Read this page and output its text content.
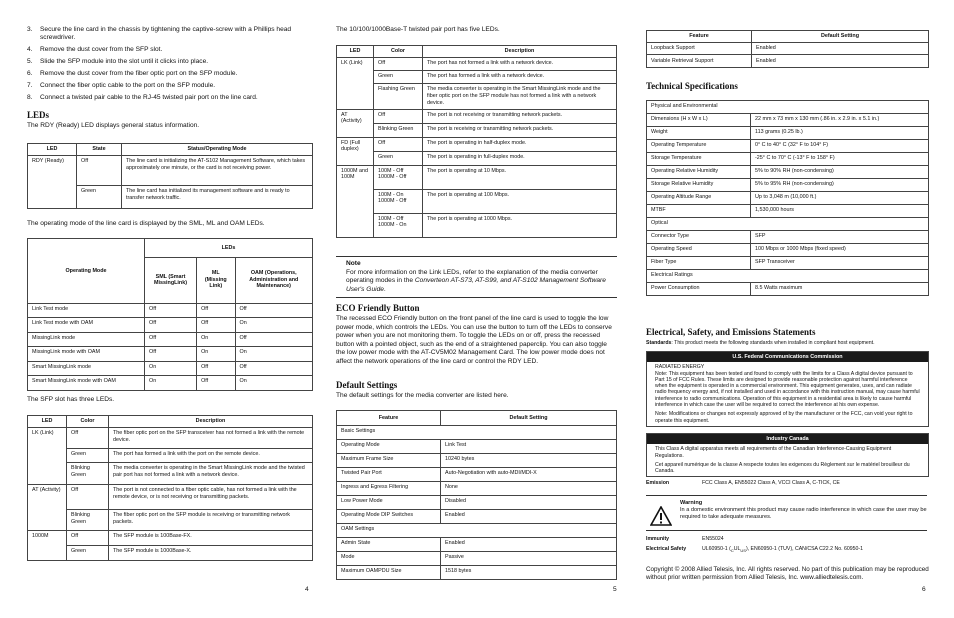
3. Secure the line card in the chassis by tightening the captive-screw with a Phillips head screwdriver.
4. Remove the dust cover from the SFP slot.
5. Slide the SFP module into the slot until it clicks into place.
6. Remove the dust cover from the fiber optic port on the SFP module.
7. Connect the fiber optic cable to the port on the SFP module.
8. Connect a twisted pair cable to the RJ-45 twisted pair port on the line card.
LEDs

The RDY (Ready) LED displays general status information.

LED	State	Status/Operating Mode
RDY (Ready)	Off	The line card is initializing the AT-S102 Management Software, which takes approximately one minute, or the card is not receiving power.
	Green	The line card has initialized its management software and is ready to transfer network traffic.

The operating mode of the line card is displayed by the SML, ML and OAM LEDs.

Operating Mode	LEDs		
	SML (Smart MissingLink)	ML (Missing Link)	OAM (Operations, Administration and Maintenance)
Link Test mode	Off	Off	Off
Link Test mode with OAM	Off	Off	On
MissingLink mode	Off	On	Off
MissingLink mode with OAM	Off	On	On
Smart MissingLink mode	On	Off	Off
Smart MissingLink mode with OAM	On	Off	On

The SFP slot has three LEDs.

LED	Color	Description
LK (Link)	Off	The fiber optic port on the SFP transceiver has not formed a link with the remote device.
	Green	The port has formed a link with the port on the remote device.
	Blinking Green	The media converter is operating in the Smart MissingLink mode and the twisted pair port has not formed a link with a network device.
AT (Activity)	Off	The port is not connected to a fiber optic cable, has not formed a link with the remote device, or is not receiving or transmitting packets.
	Blinking Green	The fiber optic port on the SFP module is receiving or transmitting network packets.
1000M	Off	The SFP module is 100Base-FX.
	Green	The SFP module is 1000Base-X.
4

The 10/100/1000Base-T twisted pair port has five LEDs.

LED	Color	Description
LK (Link)	Off	The port has not formed a link with a network device.
	Green	The port has formed a link with a network device.
	Flashing Green	The media converter is operating in the Smart MissingLink mode and the fiber optic port on the SFP module has not formed a link with a network device.
AT (Activity)	Off	The port is not receiving or transmitting network packets.
	Blinking Green	The port is receiving or transmitting network packets.
FD (Full duplex)	Off	The port is operating in half-duplex mode.
	Green	The port is operating in full-duplex mode.
1000M and 100M	100M - Off 1000M - Off	The port is operating at 10 Mbps.
	100M - On 1000M - Off	The port is operating at 100 Mbps.
	100M - Off 1000M - On	The port is operating at 1000 Mbps.
Note
For more information on the Link LEDs, refer to the explanation of the media converter operating modes in the Converteon AT-S73, AT-S99, and AT-S102 Management Software User's Guide.
ECO Friendly Button

The recessed ECO Friendly button on the front panel of the line card is used to toggle the low power mode, which controls the LEDs. You can use the button to turn off the LEDs to conserve power when you are not monitoring them. To toggle the LEDs on or off, press the recessed button with a pointed object, such as the end of a straightened paperclip. You can also toggle the low power mode with the AT-CV5M02 Management Card. The low power mode does not affect the network operations of the line card or control the RDY LED.

Default Settings

The default settings for the media converter are listed here.

Feature	Default Setting
Basic Settings	
Operating Mode	Link Test
Maximum Frame Size	10240 bytes
Twisted Pair Port	Auto-Negotiation with auto-MDI/MDI-X
Ingress and Egress Filtering	None
Low Power Mode	Disabled
Operating Mode DIP Switches	Enabled
OAM Settings	
Admin State	Enabled
Mode	Passive
Maximum OAMPDU Size	1518 bytes
5
Feature	Default Setting
Loopback Support	Enabled
Variable Retrieval Support	Enabled
Technical Specifications
Physical and Environmental	
Dimensions (H x W x L)	22 mm x 73 mm x 130 mm (.86 in. x 2.9 in. x 5.1 in.)
Weight	113 grams (0.25 lb.)
Operating Temperature	0° C to 40° C (32° F to 104° F)
Storage Temperature	-25° C to 70° C (-13° F to 158° F)
Operating Relative Humidity	5% to 90% RH (non-condensing)
Storage Relative Humidity	5% to 95% RH (non-condensing)
Operating Altitude Range	Up to 3,048 m (10,000 ft.)
MTBF	1,530,000 hours
Optical	
Connector Type	SFP
Operating Speed	100 Mbps or 1000 Mbps (fixed speed)
Fiber Type	SFP Transceiver
Electrical Ratings	
Power Consumption	8.5 Watts maximum
Electrical, Safety, and Emissions Statements
Standards: This product meets the following standards when installed in compliant host equipment.
U.S. Federal Communications Commission
RADIATED ENERGY
Note: This equipment has been tested and found to comply with the limits for a Class A digital device pursuant to Part 15 of FCC Rules. These limits are designed to provide reasonable protection against harmful interference when the equipment is operated in a commercial environment. This equipment generates, uses, and can radiate radio frequency energy and, if not installed and used in accordance with this instruction manual, may cause harmful interference to radio communications. Operation of this equipment in a residential area is likely to cause harmful interference in which case the user will be required to correct the interference at his own expense.
Note: Modifications or changes not expressly approved of by the manufacturer or the FCC, can void your right to operate this equipment.
Industry Canada
This Class A digital apparatus meets all requirements of the Canadian Interference-Causing Equipment Regulations.
Cet appareil numérique de la classe A respecte toutes les exigences du Règlement sur le matériel brouilleur du Canada.
Emission	FCC Class A, EN55022 Class A, VCCI Class A, C-TICK, CE
Warning
In a domestic environment this product may cause radio interference in which case the user may be required to take adequate measures.
Immunity	EN55024
Electrical Safety	UL60950-1 $(_CUL_{US})$, EN60950-1 (TUV), CAN/CSA C22.2 No. 60950-1

Copyright © 2008 Allied Telesis, Inc. All rights reserved. No part of this publication may be reproduced without prior written permission from Allied Telesis, Inc. www.alliedtelesis.com.

6
